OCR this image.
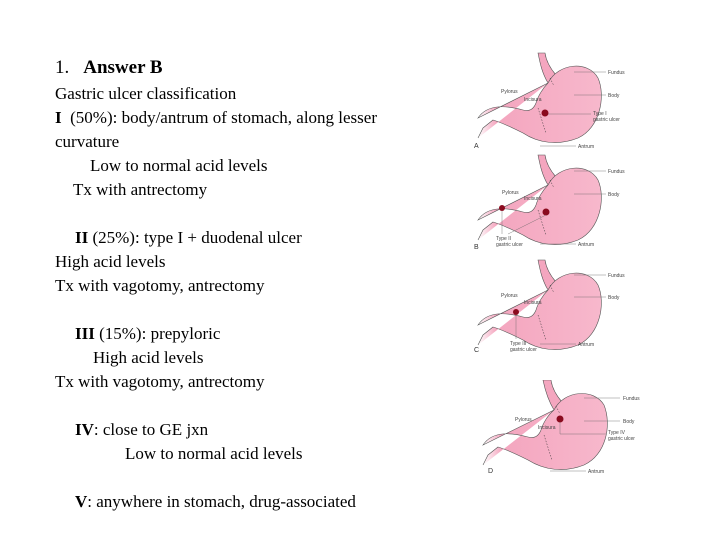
1. Answer B
Gastric ulcer classification
I  (50%): body/antrum of stomach, along lesser
curvature
Low to normal acid levels
Tx with antrectomy
II (25%): type I + duodenal ulcer
High acid levels
Tx with vagotomy, antrectomy
III (15%): prepyloric
High acid levels
Tx with vagotomy, antrectomy
IV: close to GE jxn
Low to normal acid levels
V: anywhere in stomach, drug-associated
Fundus
Body
Pylorus
Incisura
Antrum
Type I
gastric ulcer
A
Fundus
Body
Pylorus
Incisura
Antrum
Type II
gastric ulcer
B
Fundus
Body
Pylorus
Incisura
Antrum
Type III
gastric ulcer
C
Fundus
Body
Pylorus
Incisura
Antrum
Type IV
gastric ulcer
D
